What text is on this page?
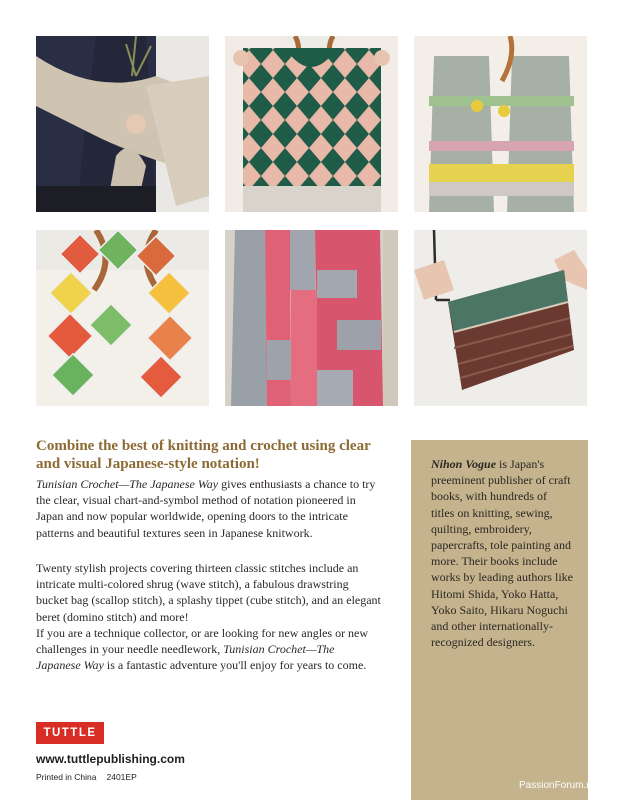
Combine the best of knitting and crochet using clear and visual Japanese-style notation!

Tunisian Crochet—The Japanese Way gives enthusiasts a chance to try the clear, visual chart-and-symbol method of notation pioneered in Japan and now popular worldwide, opening doors to the intricate patterns and beautiful textures seen in Japanese knitwork.

Twenty stylish projects covering thirteen classic stitches include an intricate multi-colored shrug (wave stitch), a fabulous drawstring bucket bag (scallop stitch), a splashy tippet (cube stitch), and an elegant beret (domino stitch) and more!

If you are a technique collector, or are looking for new angles or new challenges in your needle needlework, Tunisian Crochet—The Japanese Way is a fantastic adventure you'll enjoy for years to come.

Nihon Vogue is Japan's preeminent publisher of craft books, with hundreds of titles on knitting, sewing, quilting, embroidery, papercrafts, tole painting and more. Their books include works by leading authors like Hitomi Shida, Yoko Hatta, Yoko Saito, Hikaru Noguchi and other internationally-recognized designers.

TUTTLE
www.tuttlepublishing.com
Printed in China 2401EP
PassionForum.ru
